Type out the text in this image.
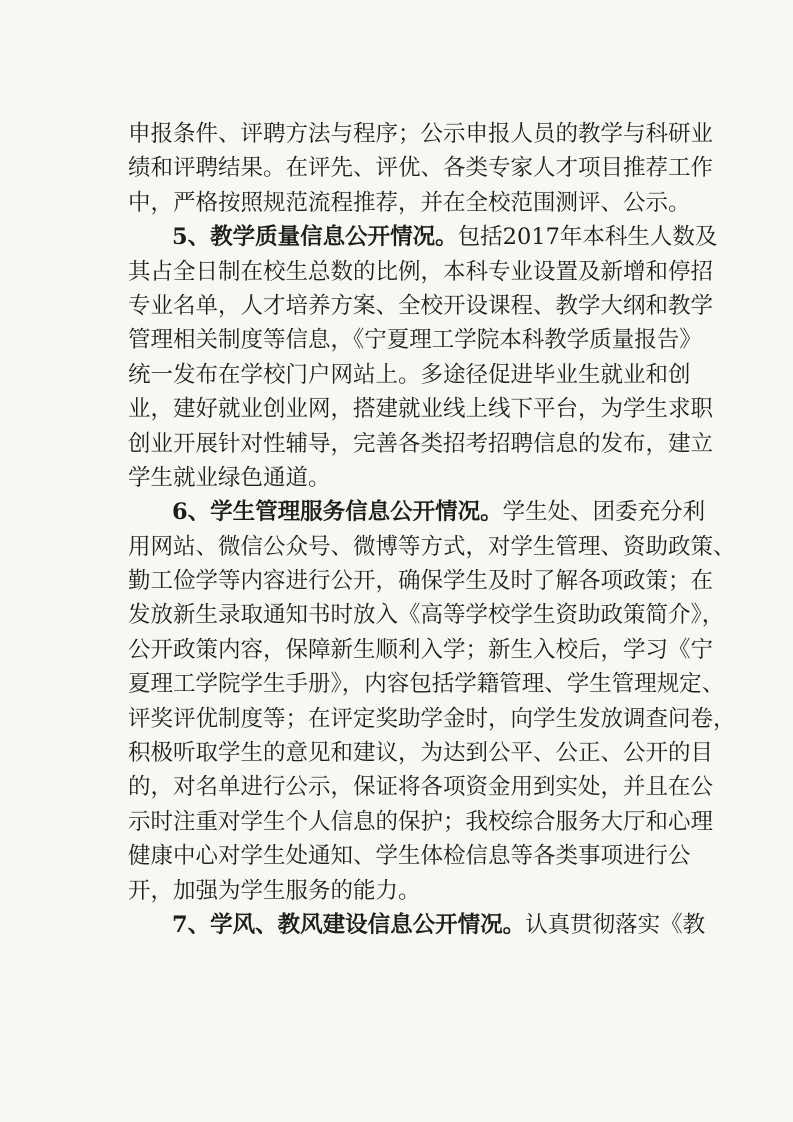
申报条件、评聘方法与程序；公示申报人员的教学与科研业
绩和评聘结果。在评先、评优、各类专家人才项目推荐工作
中，严格按照规范流程推荐，并在全校范围测评、公示。
5、教学质量信息公开情况。包括2017年本科生人数及
其占全日制在校生总数的比例，本科专业设置及新增和停招
专业名单，人才培养方案、全校开设课程、教学大纲和教学
管理相关制度等信息，《宁夏理工学院本科教学质量报告》
统一发布在学校门户网站上。多途径促进毕业生就业和创
业，建好就业创业网，搭建就业线上线下平台，为学生求职
创业开展针对性辅导，完善各类招考招聘信息的发布，建立
学生就业绿色通道。
6、学生管理服务信息公开情况。学生处、团委充分利
用网站、微信公众号、微博等方式，对学生管理、资助政策、
勤工俭学等内容进行公开，确保学生及时了解各项政策；在
发放新生录取通知书时放入《高等学校学生资助政策简介》，
公开政策内容，保障新生顺利入学；新生入校后，学习《宁
夏理工学院学生手册》，内容包括学籍管理、学生管理规定、
评奖评优制度等；在评定奖助学金时，向学生发放调查问卷，
积极听取学生的意见和建议，为达到公平、公正、公开的目
的，对名单进行公示，保证将各项资金用到实处，并且在公
示时注重对学生个人信息的保护；我校综合服务大厅和心理
健康中心对学生处通知、学生体检信息等各类事项进行公
开，加强为学生服务的能力。
7、学风、教风建设信息公开情况。认真贯彻落实《教
